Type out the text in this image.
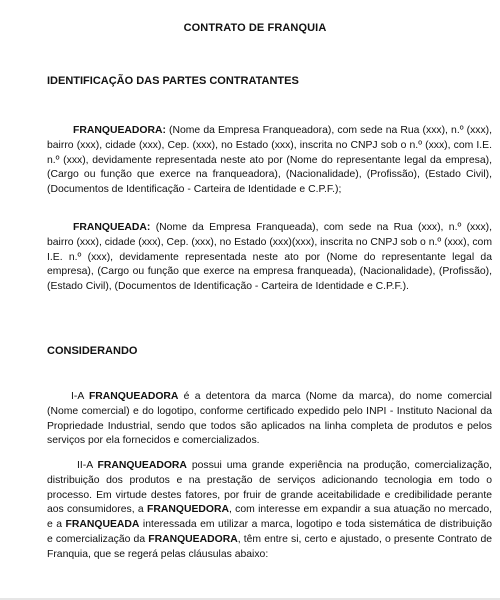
CONTRATO DE FRANQUIA
IDENTIFICAÇÃO DAS PARTES CONTRATANTES
FRANQUEADORA: (Nome da Empresa Franqueadora), com sede na Rua (xxx), n.º (xxx), bairro (xxx), cidade (xxx), Cep. (xxx), no Estado (xxx), inscrita no CNPJ sob o n.º (xxx), com I.E. n.º (xxx), devidamente representada neste ato por (Nome do representante legal da empresa), (Cargo ou função que exerce na franqueadora), (Nacionalidade), (Profissão), (Estado Civil), (Documentos de Identificação - Carteira de Identidade e C.P.F.);
FRANQUEADA: (Nome da Empresa Franqueada), com sede na Rua (xxx), n.º (xxx), bairro (xxx), cidade (xxx), Cep. (xxx), no Estado (xxx)(xxx), inscrita no CNPJ sob o n.º (xxx), com I.E. n.º (xxx), devidamente representada neste ato por (Nome do representante legal da empresa), (Cargo ou função que exerce na empresa franqueada), (Nacionalidade), (Profissão), (Estado Civil), (Documentos de Identificação - Carteira de Identidade e C.P.F.).
CONSIDERANDO
I-A FRANQUEADORA é a detentora da marca (Nome da marca), do nome comercial (Nome comercial) e do logotipo, conforme certificado expedido pelo INPI - Instituto Nacional da Propriedade Industrial, sendo que todos são aplicados na linha completa de produtos e pelos serviços por ela fornecidos e comercializados.
II-A FRANQUEADORA possui uma grande experiência na produção, comercialização, distribuição dos produtos e na prestação de serviços adicionando tecnologia em todo o processo. Em virtude destes fatores, por fruir de grande aceitabilidade e credibilidade perante aos consumidores, a FRANQUEDORA, com interesse em expandir a sua atuação no mercado, e a FRANQUEADA interessada em utilizar a marca, logotipo e toda sistemática de distribuição e comercialização da FRANQUEADORA, têm entre si, certo e ajustado, o presente Contrato de Franquia, que se regerá pelas cláusulas abaixo:
